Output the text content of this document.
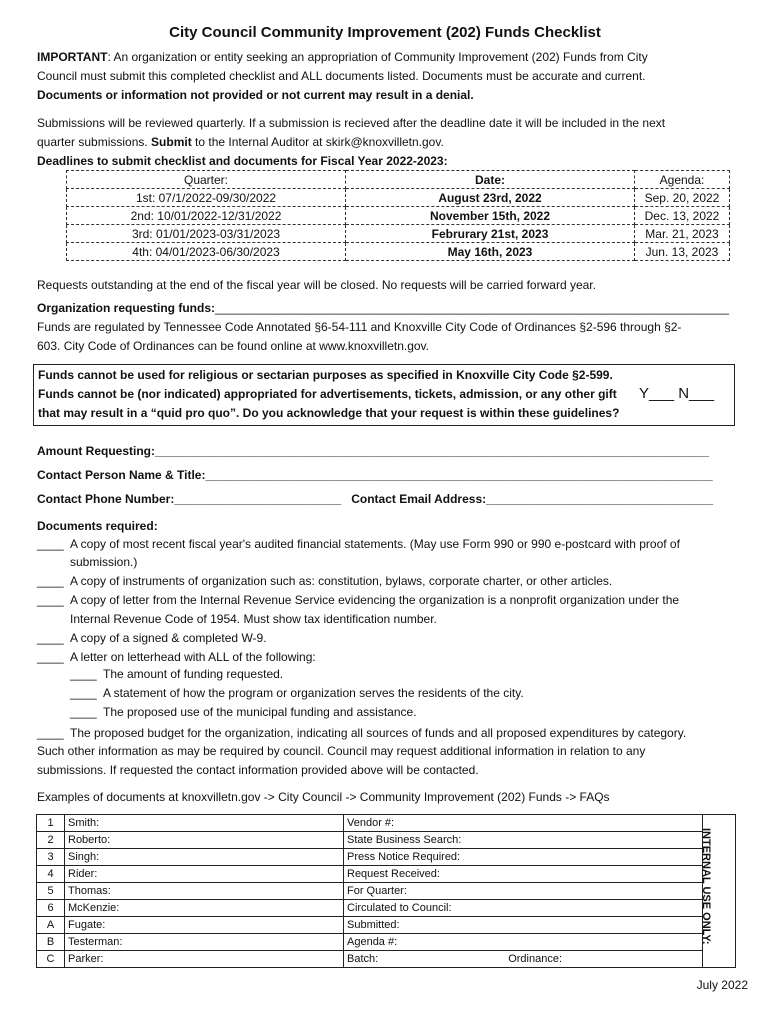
City Council Community Improvement (202) Funds Checklist
IMPORTANT: An organization or entity seeking an appropriation of Community Improvement (202) Funds from City
Council must submit this completed checklist and ALL documents listed. Documents must be accurate and current.
Documents or information not provided or not current may result in a denial.
Submissions will be reviewed quarterly. If a submission is recieved after the deadline date it will be included in the next
quarter submissions. Submit to the Internal Auditor at skirk@knoxvilletn.gov.
Deadlines to submit checklist and documents for Fiscal Year 2022-2023:
Quarter:	Date:	Agenda:
1st: 07/1/2022-09/30/2022	August 23rd, 2022	Sep. 20, 2022
2nd: 10/01/2022-12/31/2022	November 15th, 2022	Dec. 13, 2022
3rd: 01/01/2023-03/31/2023	Februrary 21st, 2023	Mar. 21, 2023
4th: 04/01/2023-06/30/2023	May 16th, 2023	Jun. 13, 2023
Requests outstanding at the end of the fiscal year will be closed. No requests will be carried forward year.
Organization requesting funds:_____________________________________________________________________________
Funds are regulated by Tennessee Code Annotated §6-54-111 and Knoxville City Code of Ordinances §2-596 through §2-
603. City Code of Ordinances can be found online at www.knoxvilletn.gov.
Funds cannot be used for religious or sectarian purposes as specified in Knoxville City Code §2-599.
Funds cannot be (nor indicated) appropriated for advertisements, tickets, admission, or any other gift
that may result in a “quid pro quo”. Do you acknowledge that your request is within these guidelines?
Y___ N___
Amount Requesting:___________________________________________________________________________________
Contact Person Name & Title:____________________________________________________________________________
Contact Phone Number:_________________________ Contact Email Address:__________________________________
Documents required:
____ A copy of most recent fiscal year's audited financial statements. (May use Form 990 or 990 e-postcard with proof of
submission.)
____ A copy of instruments of organization such as: constitution, bylaws, corporate charter, or other articles.
____ A copy of letter from the Internal Revenue Service evidencing the organization is a nonprofit organization under the
Internal Revenue Code of 1954. Must show tax identification number.
____ A copy of a signed & completed W-9.
____ A letter on letterhead with ALL of the following:
____ The amount of funding requested.
____ A statement of how the program or organization serves the residents of the city.
____ The proposed use of the municipal funding and assistance.
____ The proposed budget for the organization, indicating all sources of funds and all proposed expenditures by category.
Such other information as may be required by council. Council may request additional information in relation to any
submissions. If requested the contact information provided above will be contacted.
Examples of documents at knoxvilletn.gov -> City Council -> Community Improvement (202) Funds -> FAQs
1	Smith:	Vendor #:	
2	Roberto:	State Business Search:	
3	Singh:	Press Notice Required:	
4	Rider:	Request Received:	
5	Thomas:	For Quarter:	
6	McKenzie:	Circulated to Council:	
A	Fugate:	Submitted:	
B	Testerman:	Agenda #:	
C	Parker:	Batch: Ordinance:	
INTERNAL USE ONLY:
July 2022
